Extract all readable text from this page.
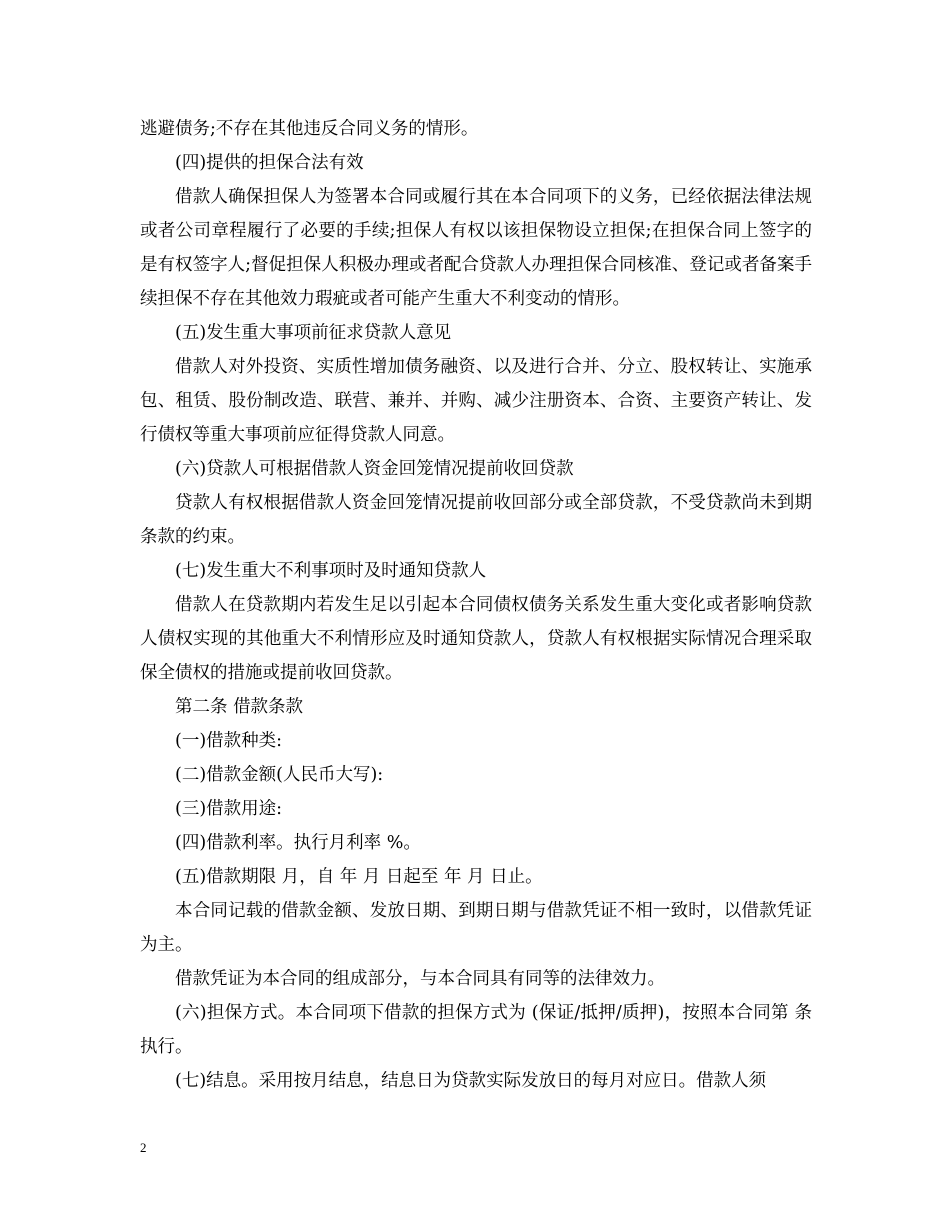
逃避债务;不存在其他违反合同义务的情形。

(四)提供的担保合法有效

借款人确保担保人为签署本合同或履行其在本合同项下的义务，已经依据法律法规或者公司章程履行了必要的手续;担保人有权以该担保物设立担保;在担保合同上签字的是有权签字人;督促担保人积极办理或者配合贷款人办理担保合同核准、登记或者备案手续担保不存在其他效力瑕疵或者可能产生重大不利变动的情形。

(五)发生重大事项前征求贷款人意见

借款人对外投资、实质性增加债务融资、以及进行合并、分立、股权转让、实施承包、租赁、股份制改造、联营、兼并、并购、减少注册资本、合资、主要资产转让、发行债权等重大事项前应征得贷款人同意。

(六)贷款人可根据借款人资金回笼情况提前收回贷款

贷款人有权根据借款人资金回笼情况提前收回部分或全部贷款，不受贷款尚未到期条款的约束。

(七)发生重大不利事项时及时通知贷款人

借款人在贷款期内若发生足以引起本合同债权债务关系发生重大变化或者影响贷款人债权实现的其他重大不利情形应及时通知贷款人，贷款人有权根据实际情况合理采取保全债权的措施或提前收回贷款。

第二条 借款条款

(一)借款种类:

(二)借款金额(人民币大写):

(三)借款用途:

(四)借款利率。执行月利率 %。

(五)借款期限 月，自 年 月 日起至 年 月 日止。

本合同记载的借款金额、发放日期、到期日期与借款凭证不相一致时，以借款凭证为主。

借款凭证为本合同的组成部分，与本合同具有同等的法律效力。

(六)担保方式。本合同项下借款的担保方式为 (保证/抵押/质押)，按照本合同第 条 执行。

(七)结息。采用按月结息，结息日为贷款实际发放日的每月对应日。借款人须

2
